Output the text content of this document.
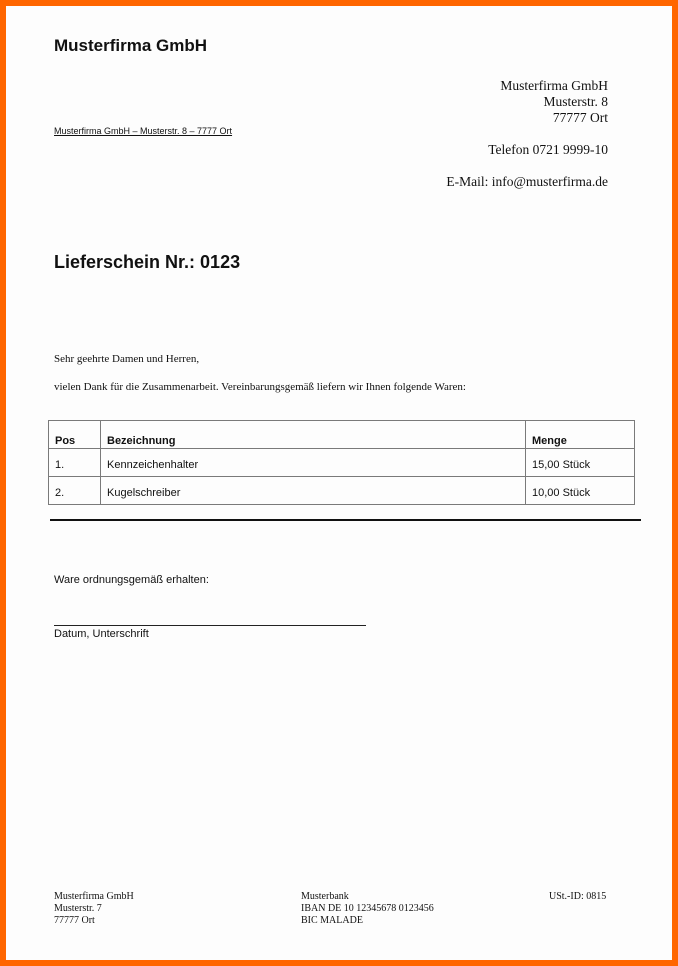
Musterfirma GmbH
Musterfirma GmbH
Musterstr. 8
77777 Ort
Telefon 0721 9999-10
E-Mail: info@musterfirma.de
Musterfirma GmbH – Musterstr. 8 – 7777 Ort
Lieferschein Nr.: 0123
Sehr geehrte Damen und Herren,
vielen Dank für die Zusammenarbeit. Vereinbarungsgemäß liefern wir Ihnen folgende Waren:
Pos	Bezeichnung	Menge
1.	Kennzeichenhalter	15,00 Stück
2.	Kugelschreiber	10,00 Stück
Ware ordnungsgemäß erhalten:
Datum, Unterschrift
Musterfirma GmbH
Musterstr. 7
77777 Ort
Musterbank
IBAN DE 10 12345678 0123456
BIC MALADE
USt.-ID: 0815
